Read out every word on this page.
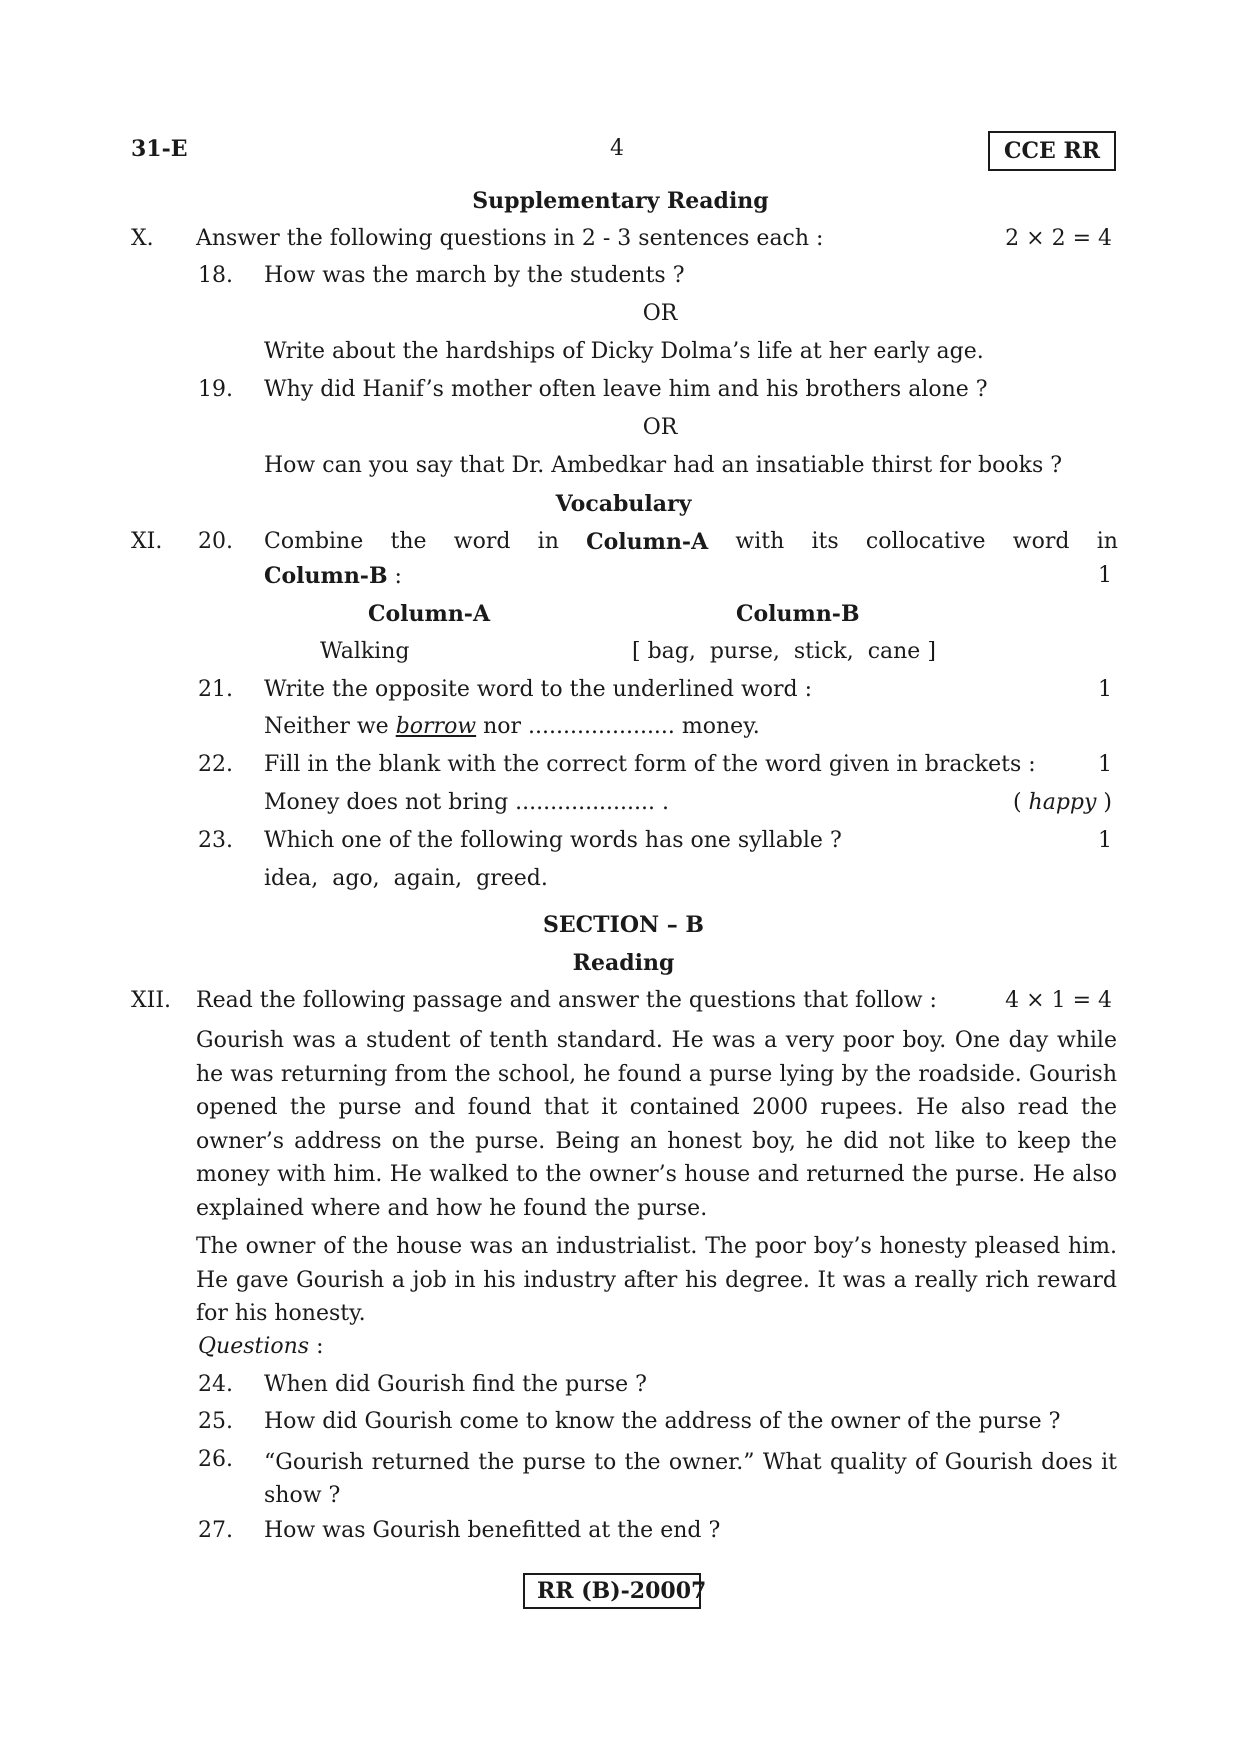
31-E	4	CCE RR
Supplementary Reading
X. Answer the following questions in 2 - 3 sentences each :	2 × 2 = 4
18. How was the march by the students ?
OR
Write about the hardships of Dicky Dolma’s life at her early age.
19. Why did Hanif’s mother often leave him and his brothers alone ?
OR
How can you say that Dr. Ambedkar had an insatiable thirst for books ?
Vocabulary
XI. 20. Combine the word in Column-A with its collocative word in
Column-B :	1
Column-A	Column-B
Walking	[ bag,  purse,  stick,  cane ]
21. Write the opposite word to the underlined word :	1
Neither we borrow nor ..................... money.
22. Fill in the blank with the correct form of the word given in brackets :	1
Money does not bring .................... .	( happy )
23. Which one of the following words has one syllable ?	1
idea,  ago,  again,  greed.
SECTION – B
Reading
XII. Read the following passage and answer the questions that follow :	4 × 1 = 4
Gourish was a student of tenth standard. He was a very poor boy. One day while he was returning from the school, he found a purse lying by the roadside. Gourish opened the purse and found that it contained 2000 rupees. He also read the owner’s address on the purse. Being an honest boy, he did not like to keep the money with him. He walked to the owner’s house and returned the purse. He also explained where and how he found the purse.
The owner of the house was an industrialist. The poor boy’s honesty pleased him. He gave Gourish a job in his industry after his degree. It was a really rich reward for his honesty.
Questions :
24. When did Gourish find the purse ?
25. How did Gourish come to know the address of the owner of the purse ?
26. “Gourish returned the purse to the owner.” What quality of Gourish does it show ?
27. How was Gourish benefitted at the end ?
RR (B)-20007
